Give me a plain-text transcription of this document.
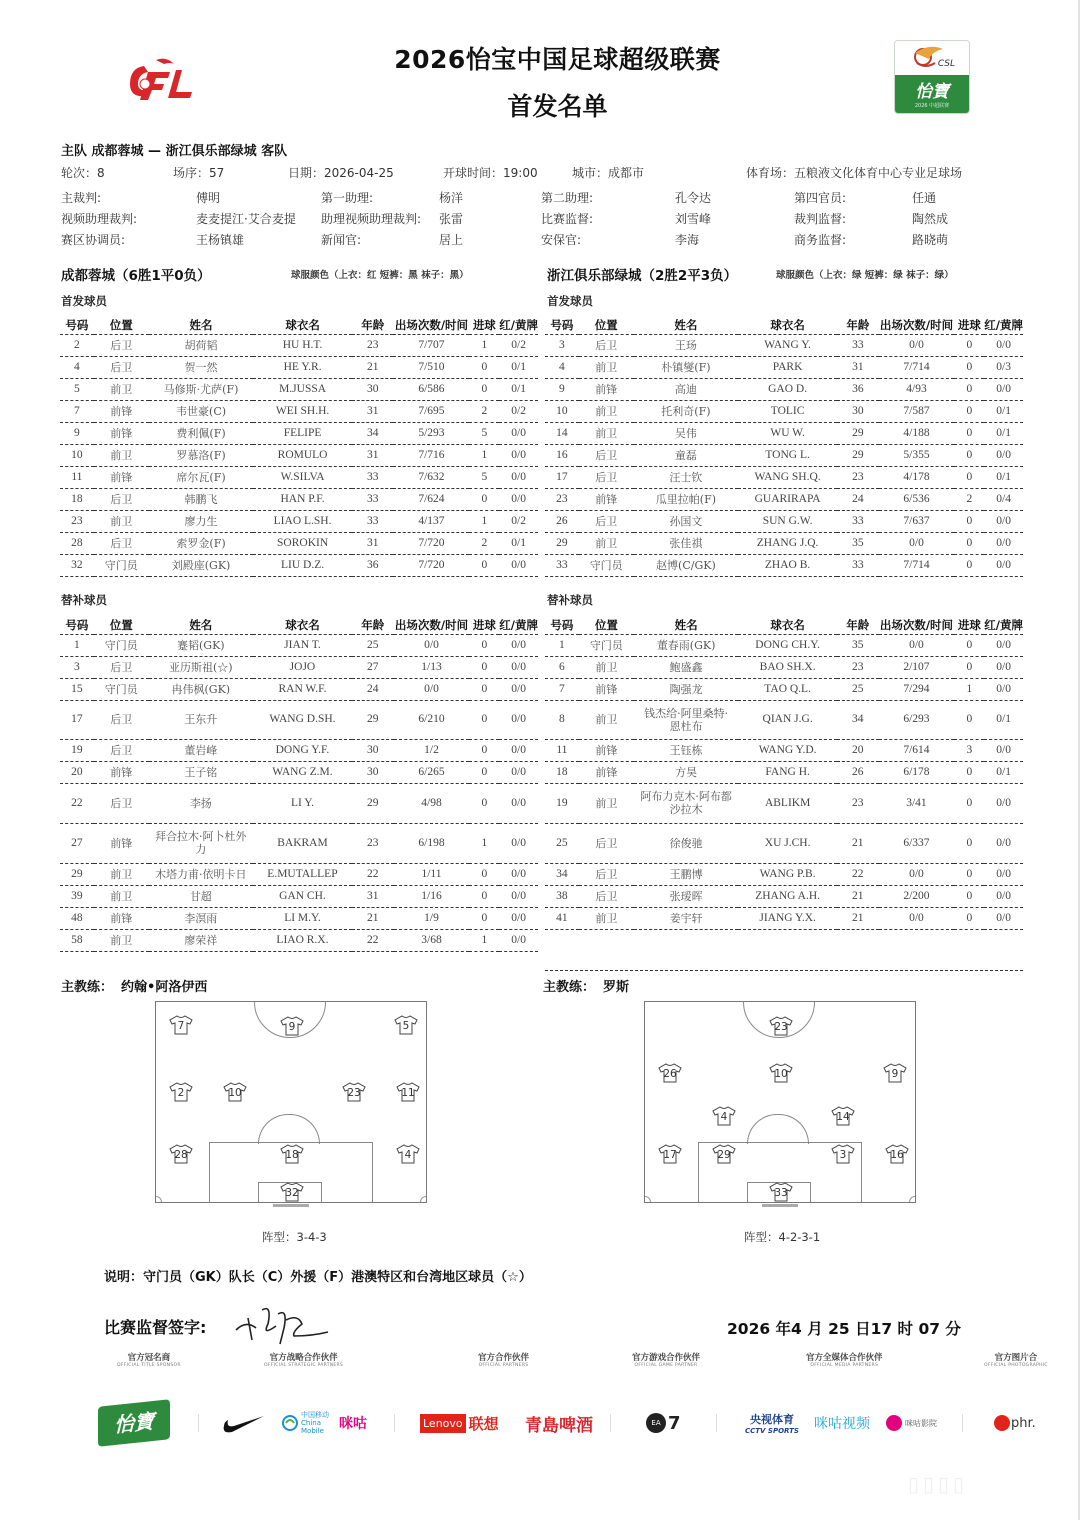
2026怡宝中国足球超级联赛
首发名单
CSL
怡寶
2026 中超联赛
主队 成都蓉城 — 浙江俱乐部绿城 客队
轮次：8	场序：57	日期：2026-04-25	开球时间：19:00	城市：成都市	体育场：五粮液文化体育中心专业足球场
主裁判:	傅明	第一助理:	杨洋	第二助理:	孔令达	第四官员:	任通
视频助理裁判:	麦麦提江·艾合麦提 助理视频助理裁判: 张雷	比赛监督:	刘雪峰	裁判监督:	陶然成
赛区协调员:	王杨镇雄	新闻官:	居上	安保官:	李海	商务监督:	路晓萌
成都蓉城（6胜1平0负）	球服颜色（上衣：红 短裤：黑 袜子：黑）
首发球员
号码	位置	姓名	球衣名	年龄	出场次数/时间	进球	红/黄牌
2	后卫	胡荷韬	HU H.T.	23	7/707	1	0/2
4	后卫	贺一然	HE Y.R.	21	7/510	0	0/1
5	前卫	马修斯·尤萨(F)	M.JUSSA	30	6/586	0	0/1
7	前锋	韦世豪(C)	WEI SH.H.	31	7/695	2	0/2
9	前锋	费利佩(F)	FELIPE	34	5/293	5	0/0
10	前卫	罗慕洛(F)	ROMULO	31	7/716	1	0/0
11	前锋	席尔瓦(F)	W.SILVA	33	7/632	5	0/0
18	后卫	韩鹏飞	HAN P.F.	33	7/624	0	0/0
23	前卫	廖力生	LIAO L.SH.	33	4/137	1	0/2
28	后卫	索罗金(F)	SOROKIN	31	7/720	2	0/1
32	守门员	刘殿座(GK)	LIU D.Z.	36	7/720	0	0/0
替补球员
号码	位置	姓名	球衣名	年龄	出场次数/时间	进球	红/黄牌
1	守门员	蹇韬(GK)	JIAN T.	25	0/0	0	0/0
3	后卫	亚历斯祖(☆)	JOJO	27	1/13	0	0/0
15	守门员	冉伟枫(GK)	RAN W.F.	24	0/0	0	0/0
17	后卫	王东升	WANG D.SH.	29	6/210	0	0/0
19	后卫	董岩峰	DONG Y.F.	30	1/2	0	0/0
20	前锋	王子铭	WANG Z.M.	30	6/265	0	0/0
22	后卫	李扬	LI Y.	29	4/98	0	0/0
27	前锋	拜合拉木·阿卜杜外力	BAKRAM	23	6/198	1	0/0
29	前卫	木塔力甫·依明卡日	E.MUTALLEP	22	1/11	0	0/0
39	前卫	甘超	GAN CH.	31	1/16	0	0/0
48	前锋	李溟雨	LI M.Y.	21	1/9	0	0/0
58	前卫	廖荣祥	LIAO R.X.	22	3/68	1	0/0
主教练： 约翰•阿洛伊西
浙江俱乐部绿城（2胜2平3负）	球服颜色（上衣：绿 短裤：绿 袜子：绿）
首发球员
号码	位置	姓名	球衣名	年龄	出场次数/时间	进球	红/黄牌
3	后卫	王玚	WANG Y.	33	0/0	0	0/0
4	前卫	朴镇燮(F)	PARK	31	7/714	0	0/3
9	前锋	高迪	GAO D.	36	4/93	0	0/0
10	前卫	托利奇(F)	TOLIC	30	7/587	0	0/1
14	前卫	吴伟	WU W.	29	4/188	0	0/1
16	后卫	童磊	TONG L.	29	5/355	0	0/0
17	后卫	汪士钦	WANG SH.Q.	23	4/178	0	0/1
23	前锋	瓜里拉帕(F)	GUARIRAPA	24	6/536	2	0/4
26	后卫	孙国文	SUN G.W.	33	7/637	0	0/0
29	前卫	张佳祺	ZHANG J.Q.	35	0/0	0	0/0
33	守门员	赵博(C/GK)	ZHAO B.	33	7/714	0	0/0
替补球员
号码	位置	姓名	球衣名	年龄	出场次数/时间	进球	红/黄牌
1	守门员	董春雨(GK)	DONG CH.Y.	35	0/0	0	0/0
6	前卫	鲍盛鑫	BAO SH.X.	23	2/107	0	0/0
7	前锋	陶强龙	TAO Q.L.	25	7/294	1	0/0
8	前卫	钱杰给·阿里桑特·恩杜布	QIAN J.G.	34	6/293	0	0/1
11	前锋	王钰栋	WANG Y.D.	20	7/614	3	0/0
18	前锋	方昊	FANG H.	26	6/178	0	0/1
19	前卫	阿布力克木·阿布都沙拉木	ABLIKM	23	3/41	0	0/0
25	后卫	徐俊驰	XU J.CH.	21	6/337	0	0/0
34	后卫	王鹏博	WANG P.B.	22	0/0	0	0/0
38	后卫	张瑷晖	ZHANG A.H.	21	2/200	0	0/0
41	前卫	姜宇轩	JIANG Y.X.	21	0/0	0	0/0
主教练： 罗斯
7	9	5
2	10	23	11
28	18	4
32
阵型：3-4-3
23
26	10	9
4	14
17	29	3	16
33
阵型：4-2-3-1
说明：守门员（GK）队长（C）外援（F）港澳特区和台湾地区球员（☆）
比赛监督签字:	2026 年4 月 25 日17 时 07 分
官方冠名商
OFFICIAL TITLE SPONSOR
官方战略合作伙伴
OFFICIAL STRATEGIC PARTNERS
官方合作伙伴
OFFICIAL PARTNERS
官方游戏合作伙伴
OFFICIAL GAME PARTNER
官方全媒体合作伙伴
OFFICIAL MEDIA PARTNERS
官方图片合
OFFICIAL PHOTOGRAPHIC
怡寶	中国移动 China Mobile	咪咕	Lenovo 联想 青島啤酒	EA 7	央视体育
CCTV SPORTS 咪咕视频	咪咕影院	phr.
▯▯▯▯
